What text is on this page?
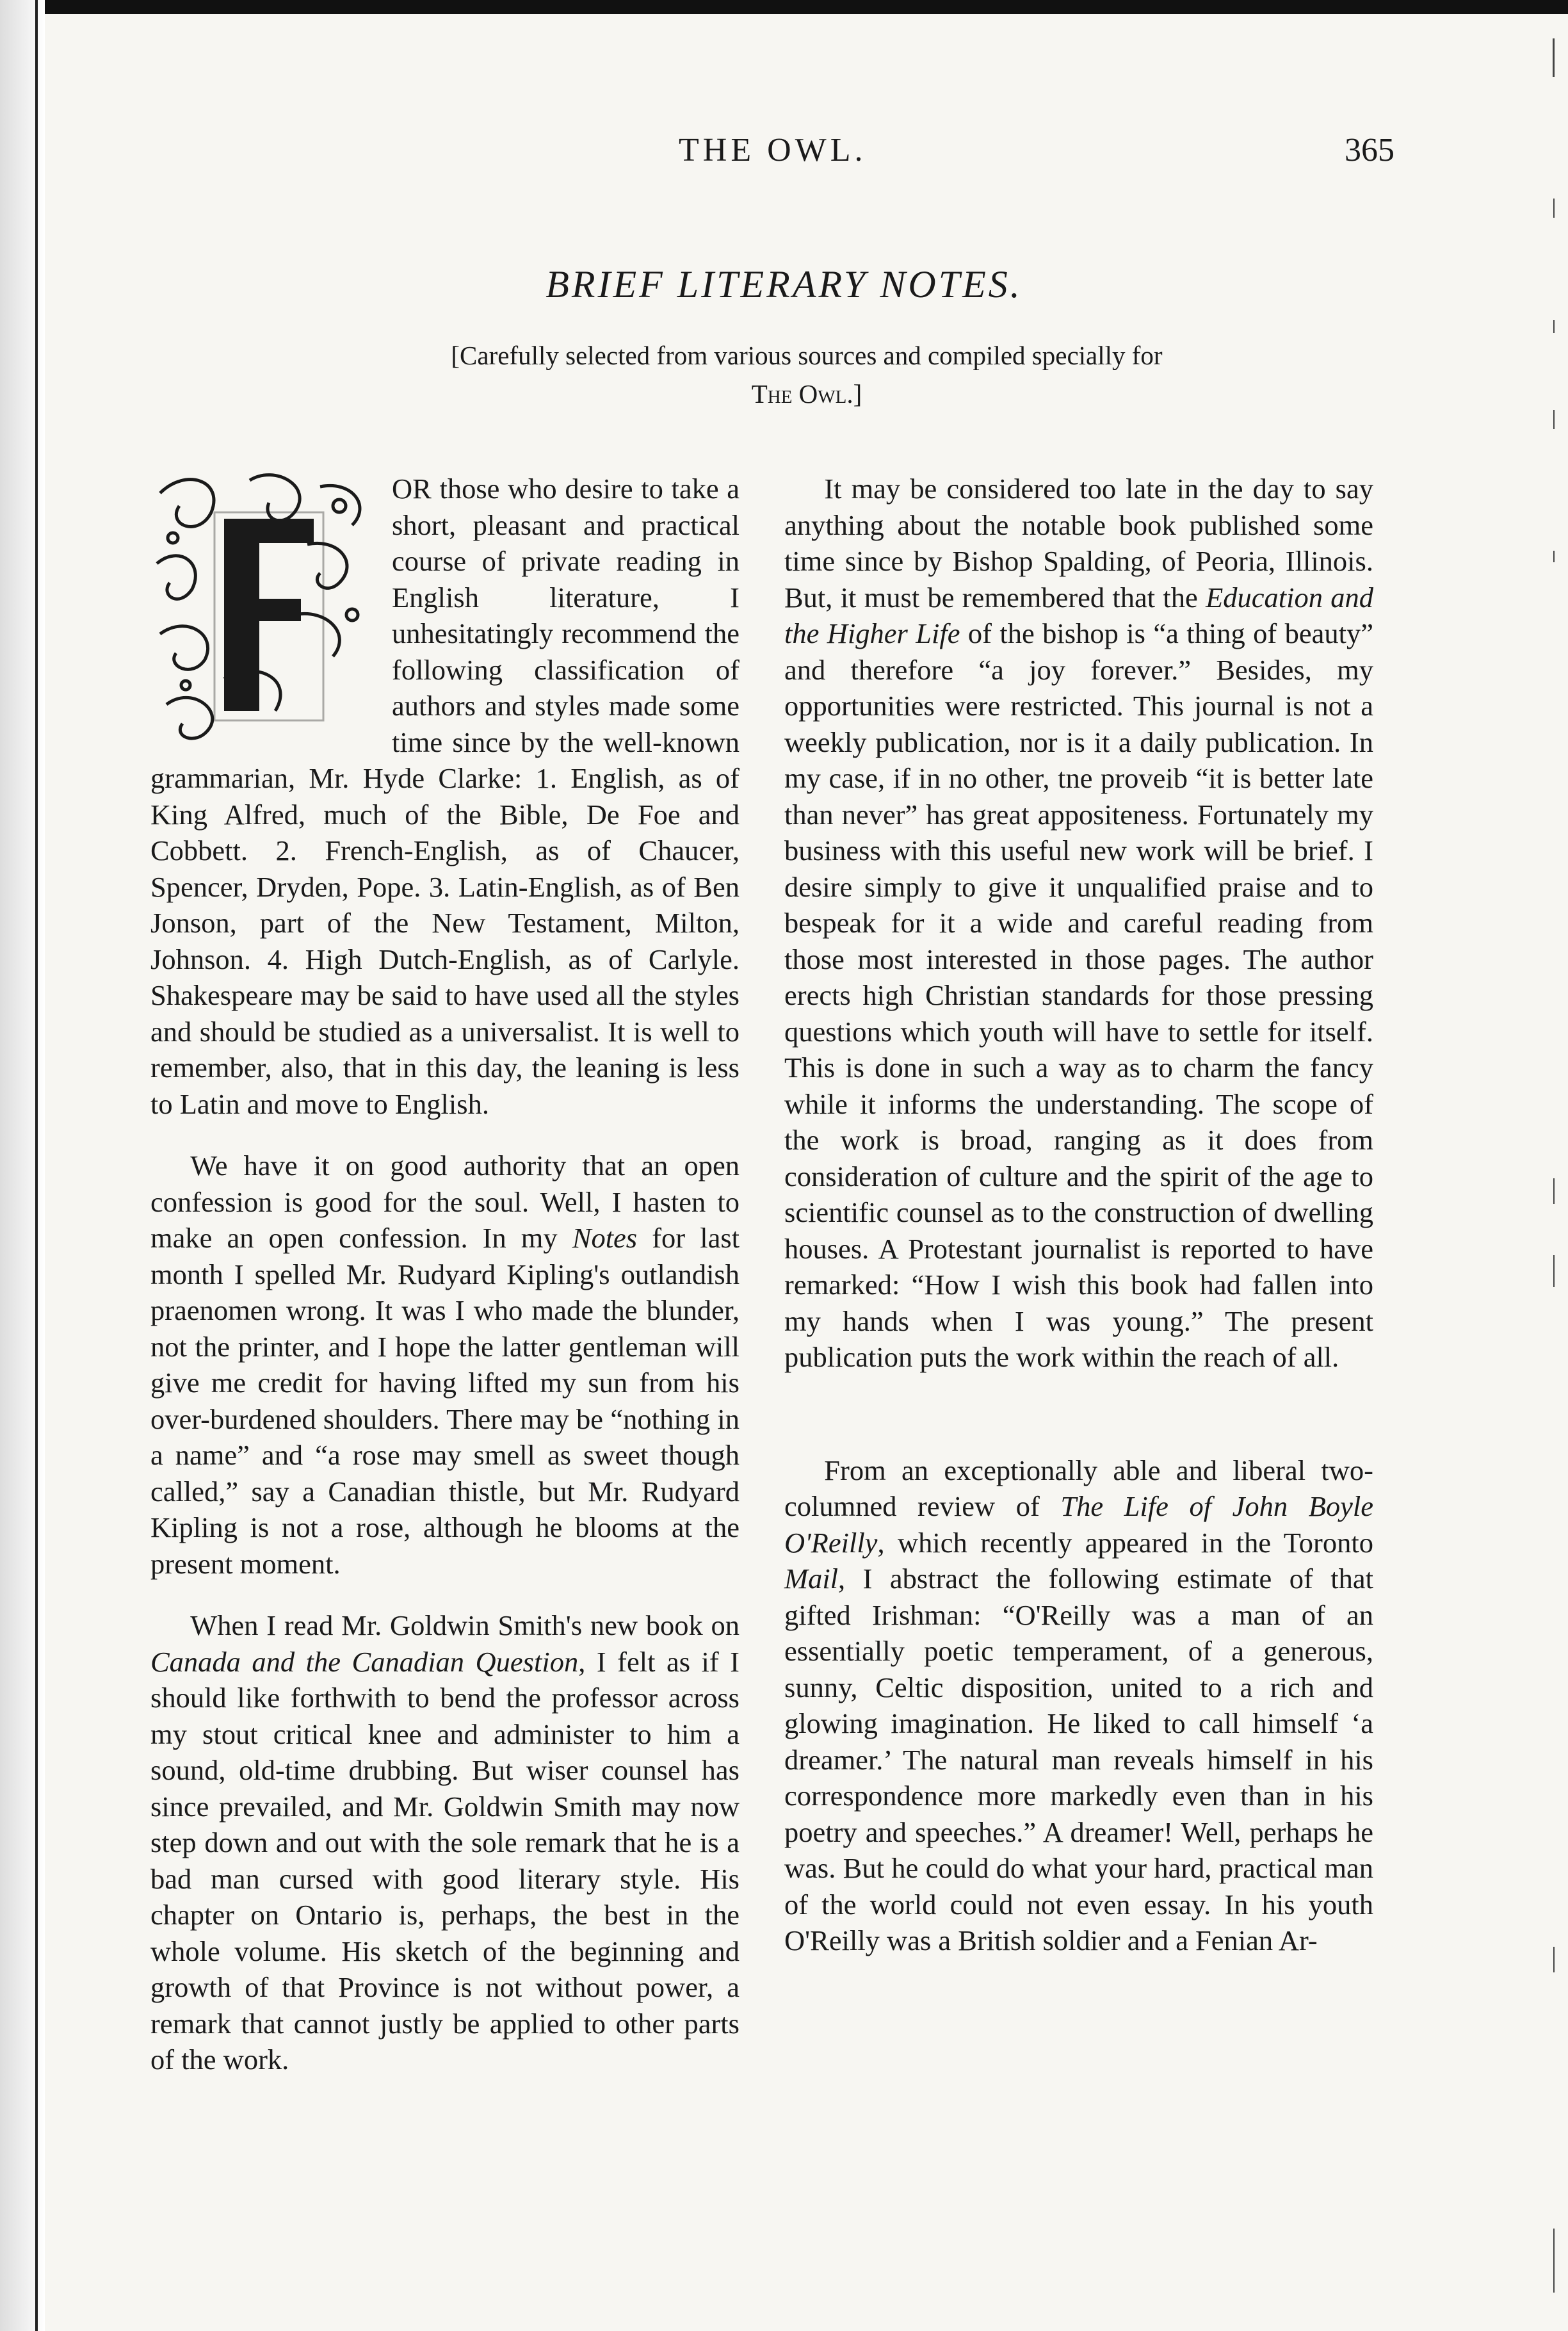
THE OWL.	365
BRIEF LITERARY NOTES.
[Carefully selected from various sources and compiled specially for
The Owl.]

OR those who desire to take a short, pleasant and practical course of private reading in English literature, I unhesitatingly recommend the following classification of authors and styles made some time since by the well-known grammarian, Mr. Hyde Clarke: 1. English, as of King Alfred, much of the Bible, De Foe and Cobbett. 2. French-English, as of Chaucer, Spencer, Dryden, Pope. 3. Latin-English, as of Ben Jonson, part of the New Testament, Milton, Johnson. 4. High Dutch-English, as of Carlyle. Shakespeare may be said to have used all the styles and should be studied as a universalist. It is well to remember, also, that in this day, the leaning is less to Latin and move to English.

We have it on good authority that an open confession is good for the soul. Well, I hasten to make an open confession. In my Notes for last month I spelled Mr. Rudyard Kipling's outlandish praenomen wrong. It was I who made the blunder, not the printer, and I hope the latter gentleman will give me credit for having lifted my sun from his over-burdened shoulders. There may be “nothing in a name” and “a rose may smell as sweet though called,” say a Canadian thistle, but Mr. Rudyard Kipling is not a rose, although he blooms at the present moment.

When I read Mr. Goldwin Smith's new book on Canada and the Canadian Question, I felt as if I should like forthwith to bend the professor across my stout critical knee and administer to him a sound, old-time drubbing. But wiser counsel has since prevailed, and Mr. Goldwin Smith may now step down and out with the sole remark that he is a bad man cursed with good literary style. His chapter on Ontario is, perhaps, the best in the whole volume. His sketch of the beginning and growth of that Province is not without power, a remark that cannot justly be applied to other parts of the work.

It may be considered too late in the day to say anything about the notable book published some time since by Bishop Spalding, of Peoria, Illinois. But, it must be remembered that the Education and the Higher Life of the bishop is “a thing of beauty” and therefore “a joy forever.” Besides, my opportunities were restricted. This journal is not a weekly publication, nor is it a daily publication. In my case, if in no other, tne proveib “it is better late than never” has great appositeness. Fortunately my business with this useful new work will be brief. I desire simply to give it unqualified praise and to bespeak for it a wide and careful reading from those most interested in those pages. The author erects high Christian standards for those pressing questions which youth will have to settle for itself. This is done in such a way as to charm the fancy while it informs the understanding. The scope of the work is broad, ranging as it does from consideration of culture and the spirit of the age to scientific counsel as to the construction of dwelling houses. A Protestant journalist is reported to have remarked: “How I wish this book had fallen into my hands when I was young.” The present publication puts the work within the reach of all.

From an exceptionally able and liberal two-columned review of The Life of John Boyle O'Reilly, which recently appeared in the Toronto Mail, I abstract the following estimate of that gifted Irishman: “O'Reilly was a man of an essentially poetic temperament, of a generous, sunny, Celtic disposition, united to a rich and glowing imagination. He liked to call himself ‘a dreamer.’ The natural man reveals himself in his correspondence more markedly even than in his poetry and speeches.” A dreamer! Well, perhaps he was. But he could do what your hard, practical man of the world could not even essay. In his youth O'Reilly was a British soldier and a Fenian Ar-
